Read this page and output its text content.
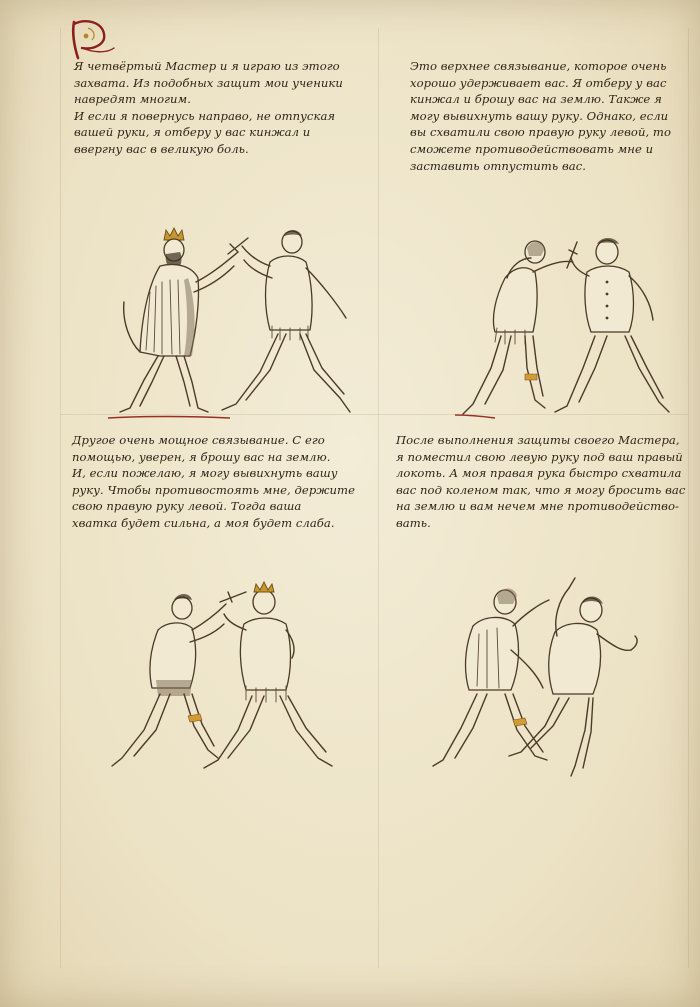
Я четвёртый Мастер и я играю из этого
захвата. Из подобных защит мои ученики
навредят многим.
И если я повернусь направо, не отпуская
вашей руки, я отберу у вас кинжал и
ввергну вас в великую боль.
Это верхнее связывание, которое очень
хорошо удерживает вас. Я отберу у вас
кинжал и брошу вас на землю. Также я
могу вывихнуть вашу руку. Однако, если
вы схватили свою правую руку левой, то
сможете противодействовать мне и
заставить отпустить вас.
Другое очень мощное связывание. С его
помощью, уверен, я брошу вас на землю.
И, если пожелаю, я могу вывихнуть вашу
руку. Чтобы противостоять мне, держите
свою правую руку левой. Тогда ваша
хватка будет сильна, а моя будет слаба.
После выполнения защиты своего Мастера,
я поместил свою левую руку под ваш правый
локоть. А моя правая рука быстро схватила
вас под коленом так, что я могу бросить вас
на землю и вам нечем мне противодейство-
вать.
